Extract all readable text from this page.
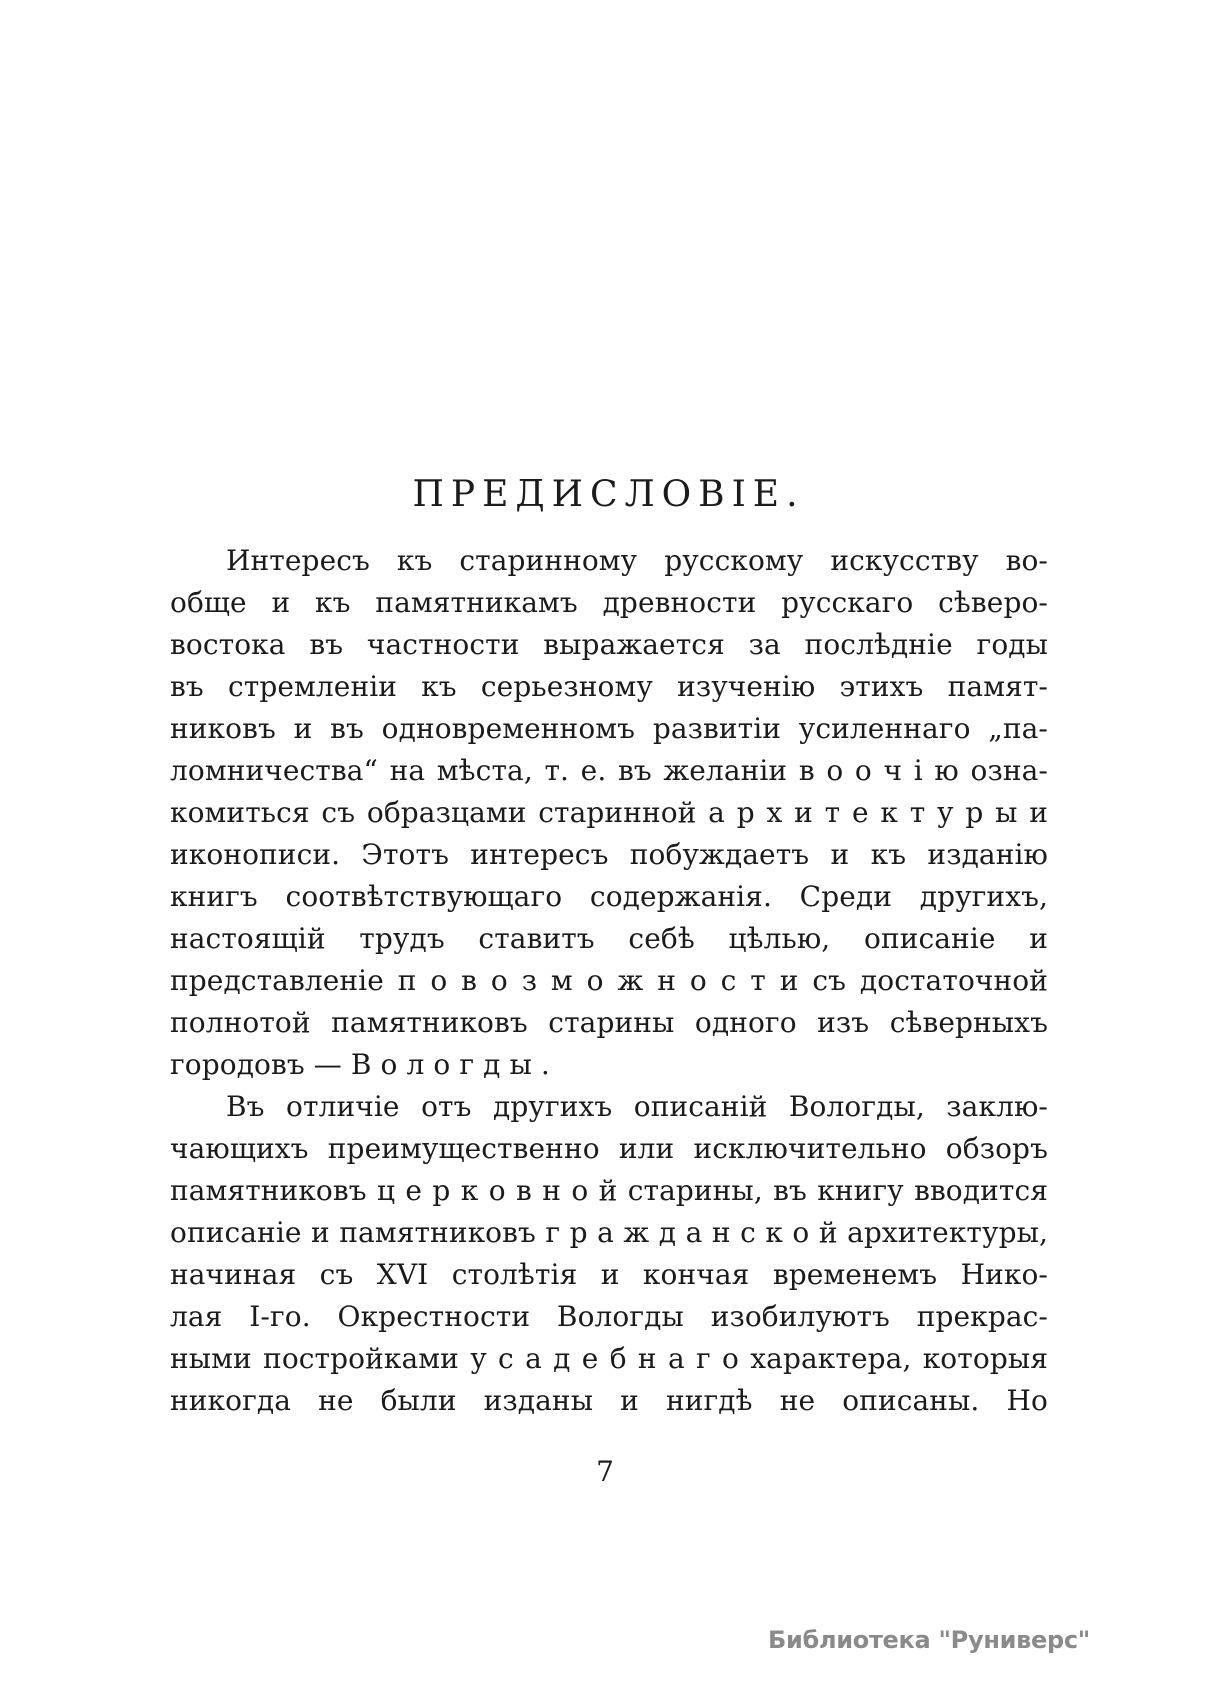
ПРЕДИСЛОВІЕ.
Интересъ къ старинному русскому искусству во-
обще и къ памятникамъ древности русскаго сѣверо-
востока въ частности выражается за послѣдніе годы
въ стремленіи къ серьезному изученію этихъ памят-
никовъ и въ одновременномъ развитіи усиленнаго „па-
ломничества“ на мѣста, т. е. въ желаніи в о о ч і ю озна-
комиться съ образцами старинной а р х и т е к т у р ы и
иконописи. Этотъ интересъ побуждаетъ и къ изданію
книгъ соотвѣтствующаго содержанія. Среди другихъ,
настоящій трудъ ставитъ себѣ цѣлью, описаніе и
представленіе п о в о з м о ж н о с т и съ достаточной
полнотой памятниковъ старины одного изъ сѣверныхъ
городовъ — В о л о г д ы .
Въ отличіе отъ другихъ описаній Вологды, заклю-
чающихъ преимущественно или исключительно обзоръ
памятниковъ ц е р к о в н о й старины, въ книгу вводится
описаніе и памятниковъ г р а ж д а н с к о й архитектуры,
начиная съ XVI столѣтія и кончая временемъ Нико-
лая I-го. Окрестности Вологды изобилуютъ прекрас-
ными постройками у с а д е б н а г о характера, которыя
никогда не были изданы и нигдѣ не описаны. Но
7
Библиотека "Руниверс"
